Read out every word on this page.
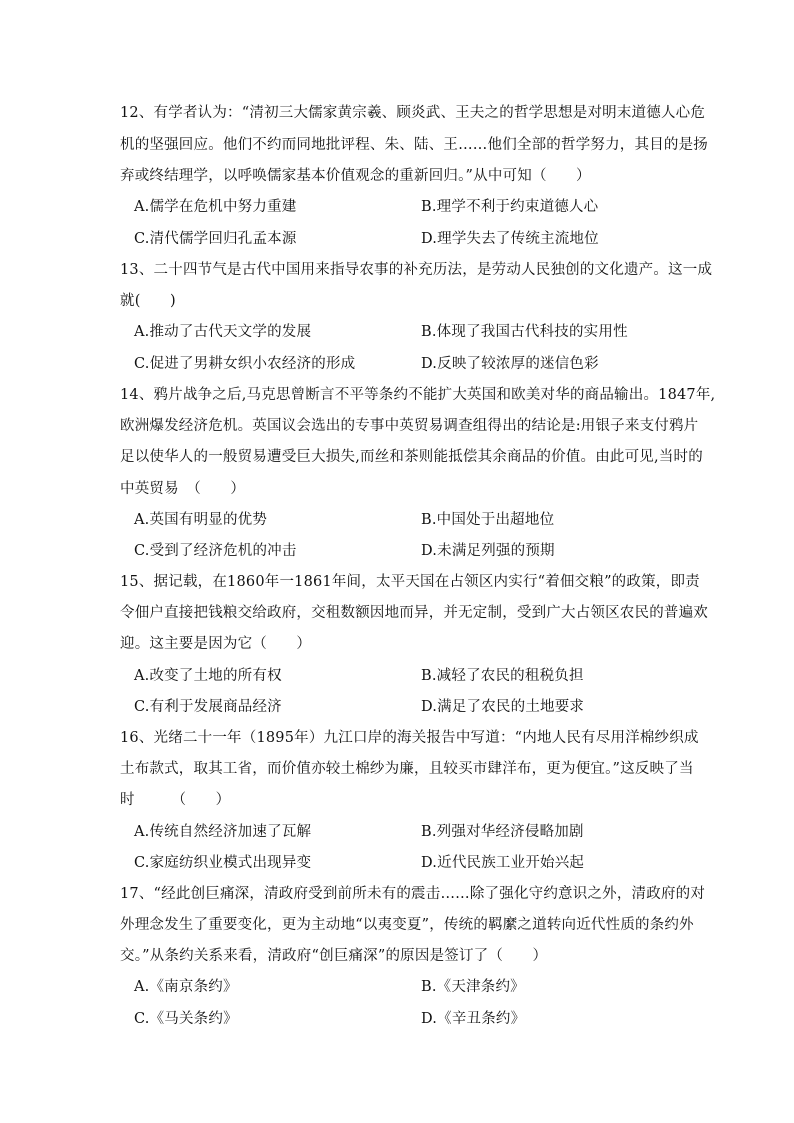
12、有学者认为：“清初三大儒家黄宗羲、顾炎武、王夫之的哲学思想是对明末道德人心危
机的坚强回应。他们不约而同地批评程、朱、陆、王……他们全部的哲学努力，其目的是扬
弃或终结理学，以呼唤儒家基本价值观念的重新回归。”从中可知（　　）
A.儒学在危机中努力重建	B.理学不利于约束道德人心
C.清代儒学回归孔孟本源	D.理学失去了传统主流地位
13、二十四节气是古代中国用来指导农事的补充历法，是劳动人民独创的文化遗产。这一成
就(　　)
A.推动了古代天文学的发展	B.体现了我国古代科技的实用性
C.促进了男耕女织小农经济的形成	D.反映了较浓厚的迷信色彩
14、鸦片战争之后,马克思曾断言不平等条约不能扩大英国和欧美对华的商品输出。1847年,
欧洲爆发经济危机。英国议会选出的专事中英贸易调查组得出的结论是:用银子来支付鸦片
足以使华人的一般贸易遭受巨大损失,而丝和茶则能抵偿其余商品的价值。由此可见,当时的
中英贸易　（　　）
A.英国有明显的优势	B.中国处于出超地位
C.受到了经济危机的冲击	D.未满足列强的预期
15、据记载，在1860年一1861年间，太平天国在占领区内实行“着佃交粮”的政策，即责
令佃户直接把钱粮交给政府，交租数额因地而异，并无定制，受到广大占领区农民的普遍欢
迎。这主要是因为它（　　）
A.改变了土地的所有权	B.减轻了农民的租税负担
C.有利于发展商品经济	D.满足了农民的土地要求
16、光绪二十一年（1895年）九江口岸的海关报告中写道：“内地人民有尽用洋棉纱织成
土布款式，取其工省，而价值亦较土棉纱为廉，且较买市肆洋布，更为便宜。”这反映了当
时　　　（　　）
A.传统自然经济加速了瓦解	B.列强对华经济侵略加剧
C.家庭纺织业模式出现异变	D.近代民族工业开始兴起
17、“经此创巨痛深，清政府受到前所未有的震击……除了强化守约意识之外，清政府的对
外理念发生了重要变化，更为主动地“以夷变夏”，传统的羁縻之道转向近代性质的条约外
交。”从条约关系来看，清政府“创巨痛深”的原因是签订了（　　）
A.《南京条约》	B.《天津条约》
C.《马关条约》	D.《辛丑条约》
